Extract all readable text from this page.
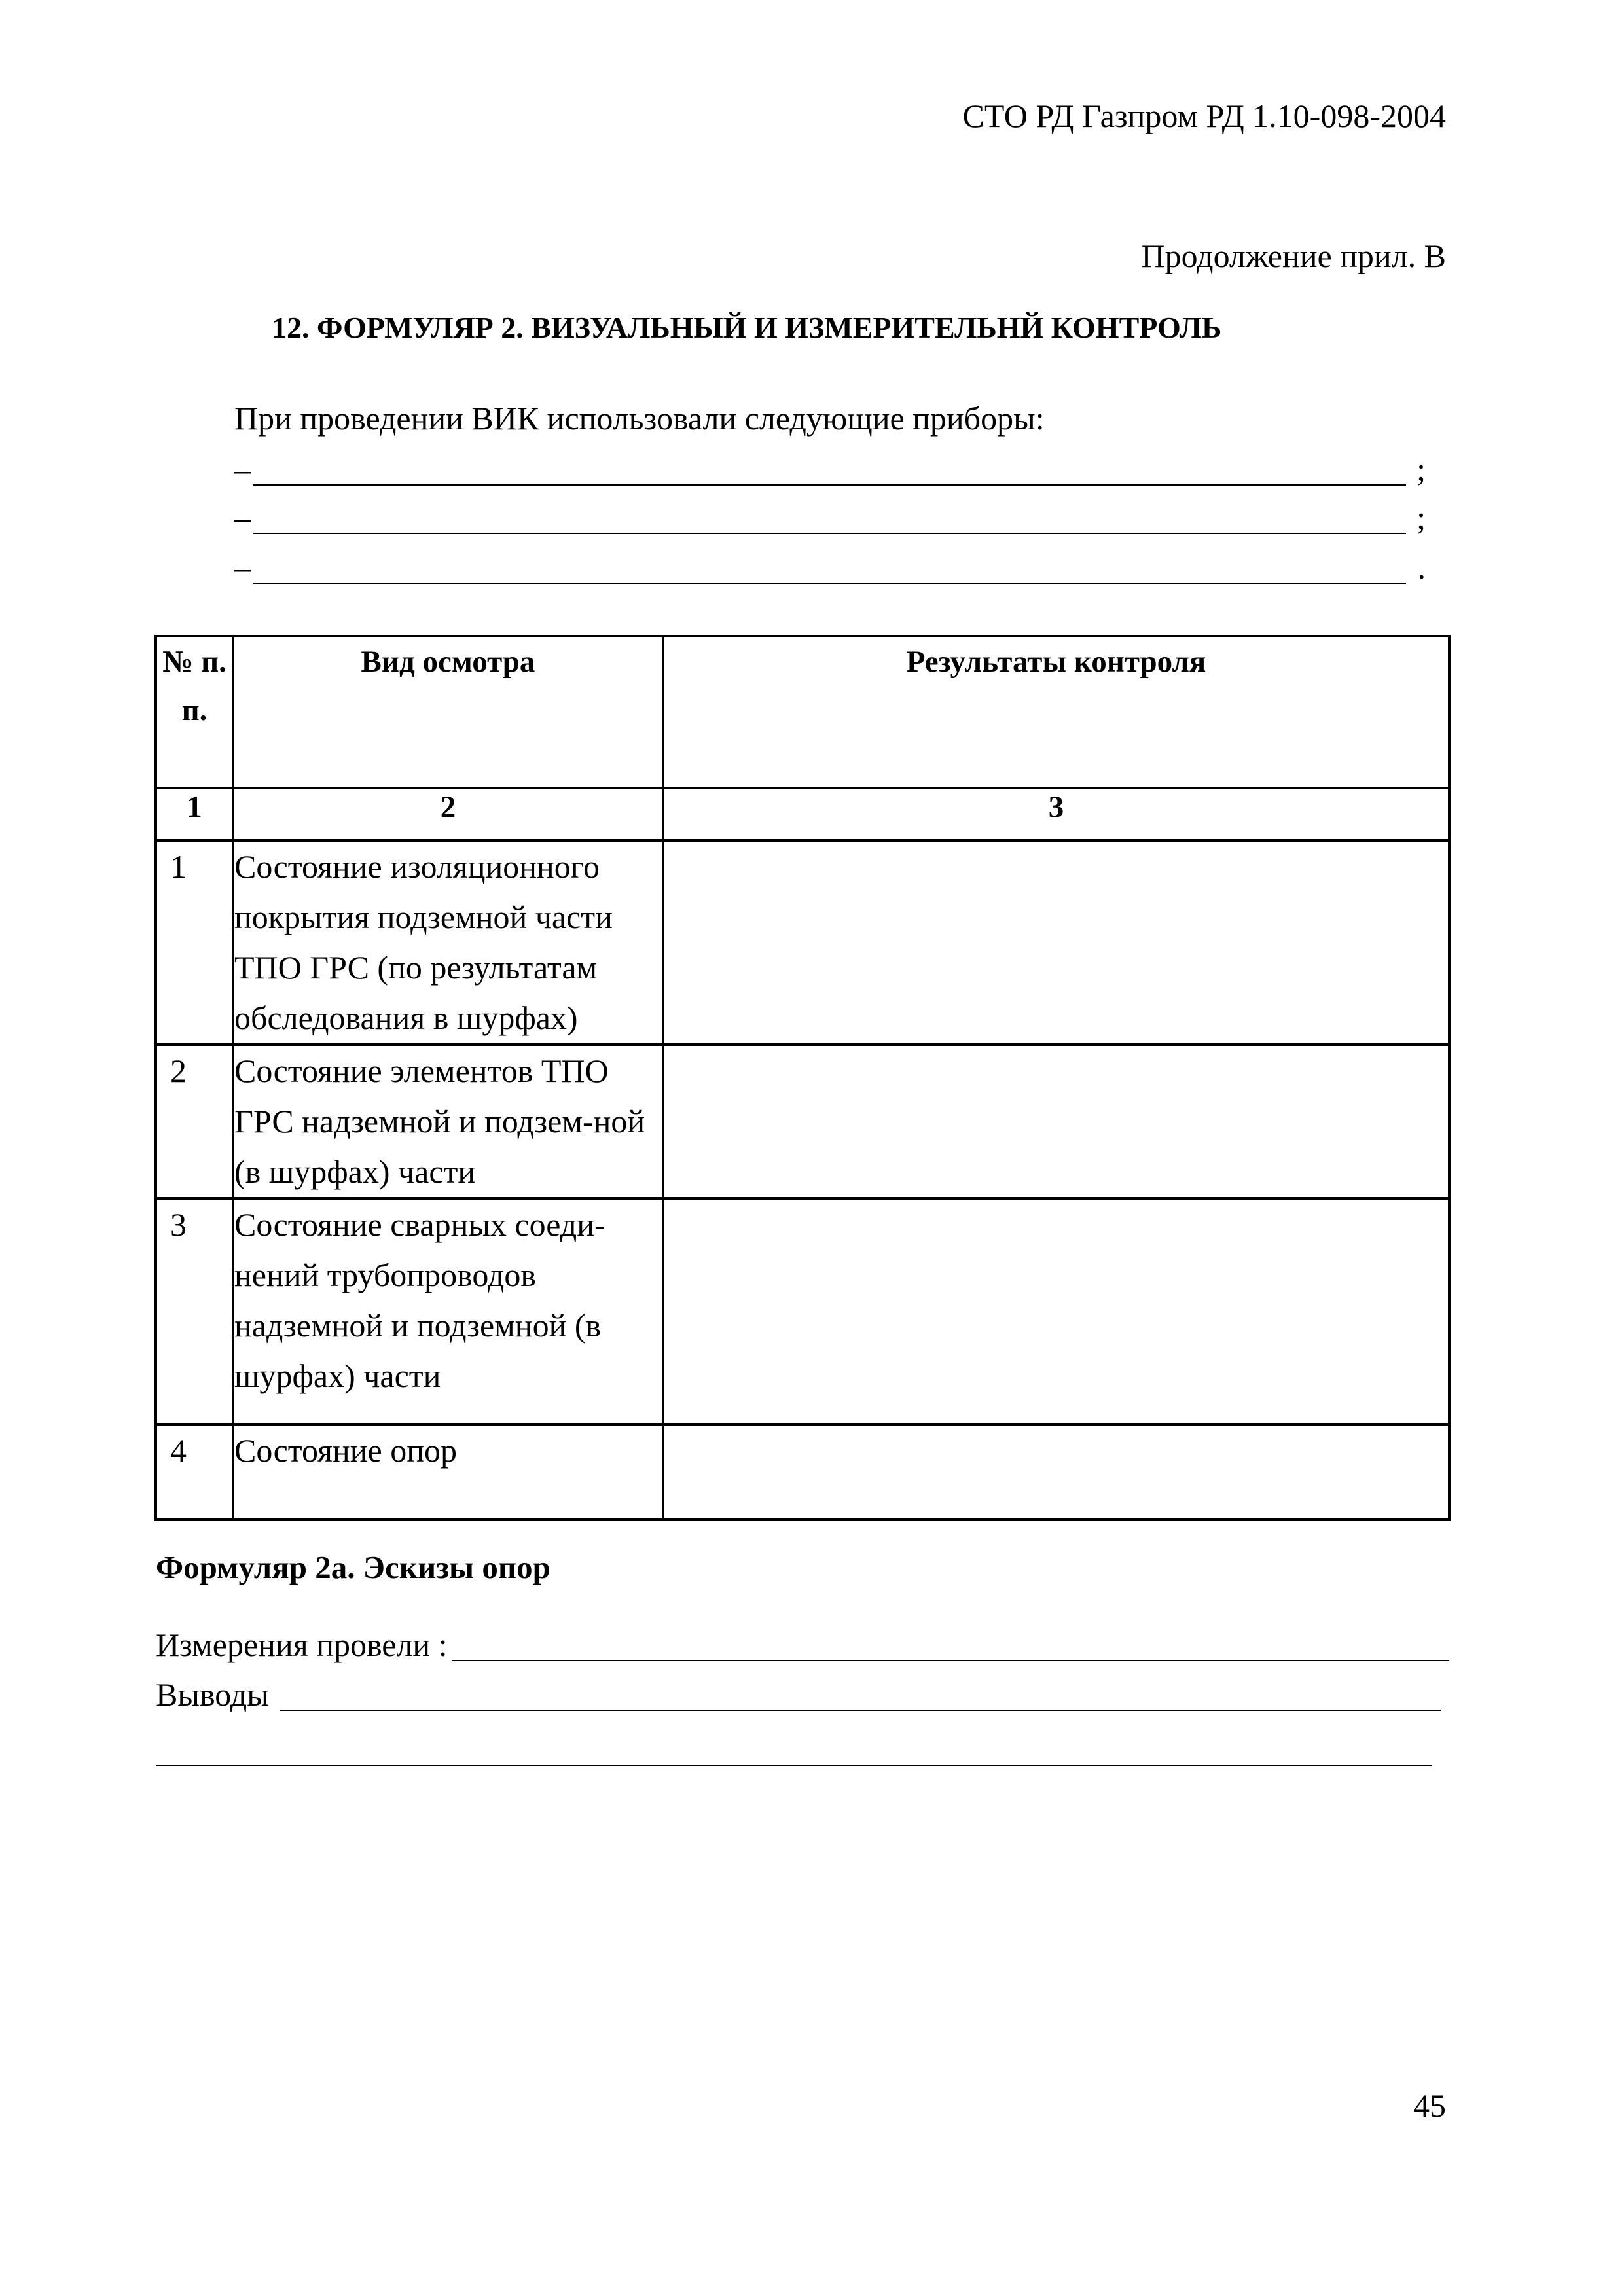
СТО РД Газпром РД 1.10-098-2004
Продолжение прил. В
12. ФОРМУЛЯР 2. ВИЗУАЛЬНЫЙ И ИЗМЕРИТЕЛЬНЙ КОНТРОЛЬ
При проведении ВИК использовали следующие приборы:
–	;
–	;
–	.
№ п.п.	Вид осмотра	Результаты контроля
1	2	3
1	Состояние изоляционного покрытия подземной части ТПО ГРС (по результатам обследования в шурфах)	
2	Состояние элементов ТПО ГРС надземной и подзем-ной (в шурфах) части	
3	Состояние сварных соеди-нений трубопроводов надземной и подземной (в шурфах) части	
4	Состояние опор	
Формуляр 2а. Эскизы опор
Измерения провели :
Выводы
45
